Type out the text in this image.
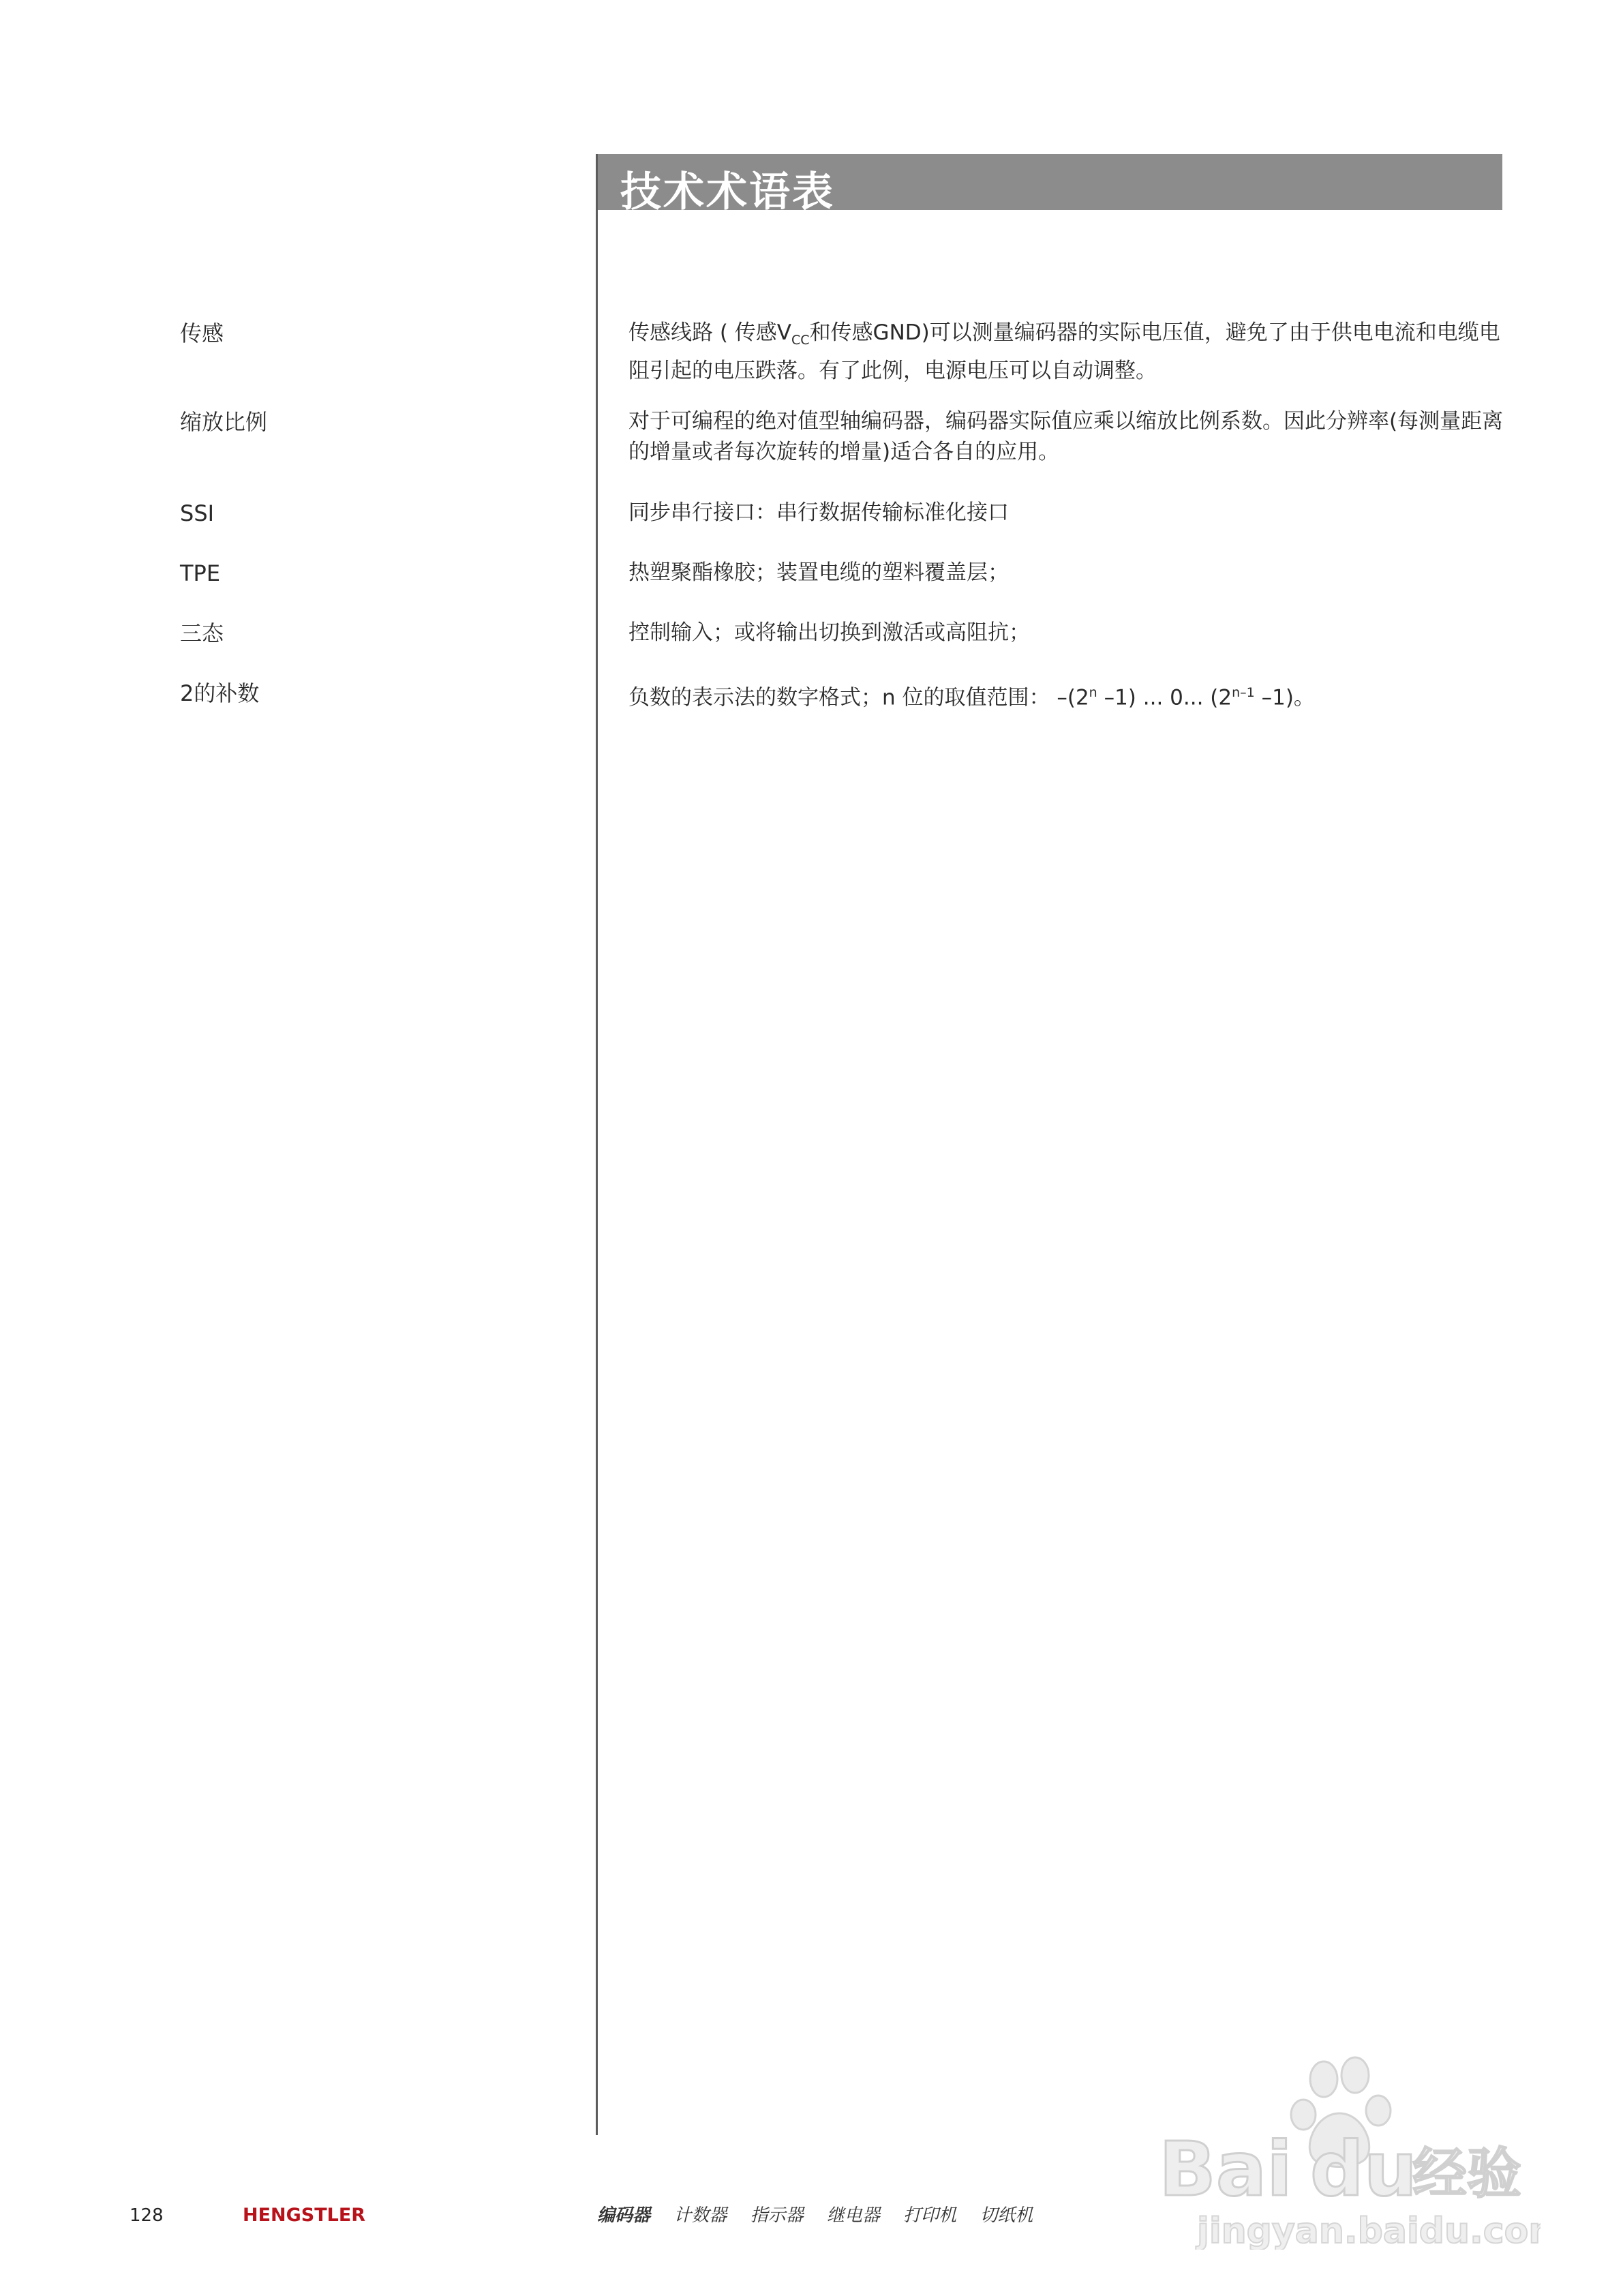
技术术语表
传感	传感线路 ( 传感$V_{CC}$和传感GND)可以测量编码器的实际电压值，避免了由于供电电流和电缆电阻引起的电压跌落。有了此例，电源电压可以自动调整。
缩放比例	对于可编程的绝对值型轴编码器，编码器实际值应乘以缩放比例系数。因此分辨率(每测量距离的增量或者每次旋转的增量)适合各自的应用。
SSI	同步串行接口：串行数据传输标准化接口
TPE	热塑聚酯橡胶；装置电缆的塑料覆盖层；
三态	控制输入；或将输出切换到激活或高阻抗；
2的补数	负数的表示法的数字格式；n 位的取值范围： –(2$^n$ –1) ... 0... (2$^{n-1}$ –1)。
128	HENGSTLER	编码器 计数器 指示器 继电器 打印机 切纸机
Bai du
经验
jingyan.baidu.com
